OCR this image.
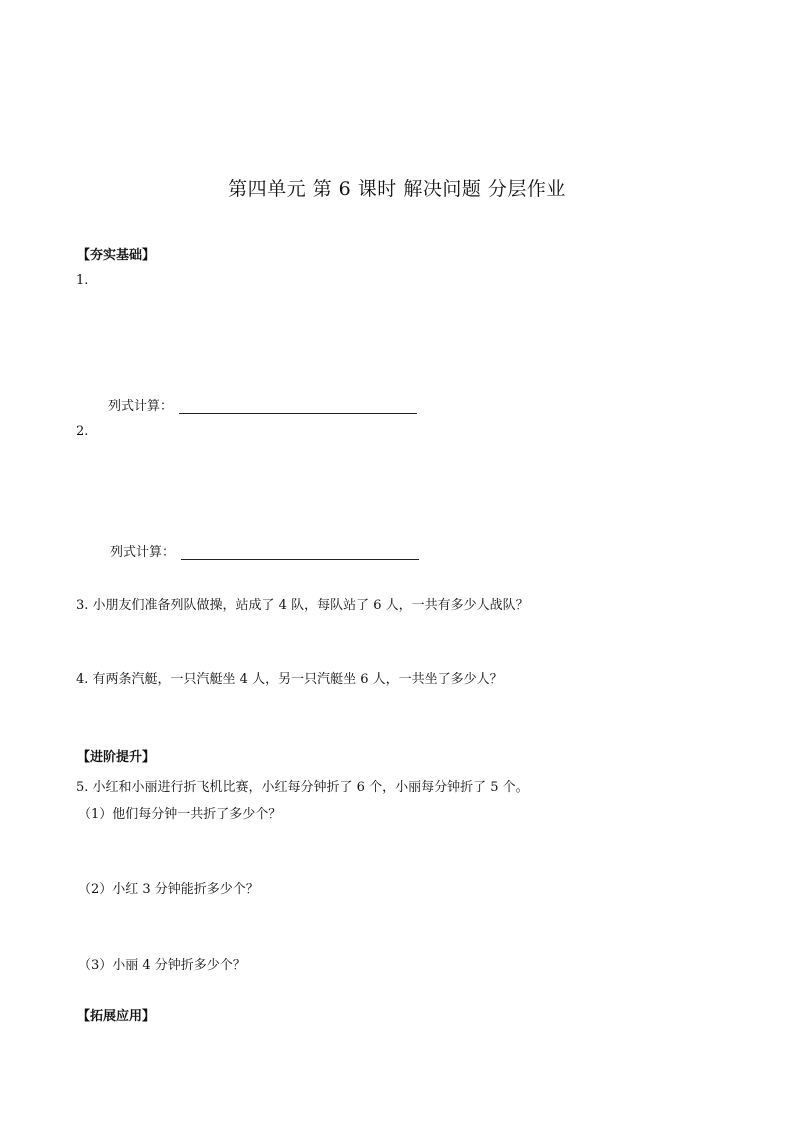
第四单元 第 6 课时 解决问题 分层作业
【夯实基础】
1.
列式计算：
2.
列式计算：
3. 小朋友们准备列队做操，站成了 4 队，每队站了 6 人，一共有多少人战队？
4. 有两条汽艇，一只汽艇坐 4 人，另一只汽艇坐 6 人，一共坐了多少人？
【进阶提升】
5. 小红和小丽进行折飞机比赛，小红每分钟折了 6 个，小丽每分钟折了 5 个。
（1）他们每分钟一共折了多少个？
（2）小红 3 分钟能折多少个？
（3）小丽 4 分钟折多少个？
【拓展应用】
